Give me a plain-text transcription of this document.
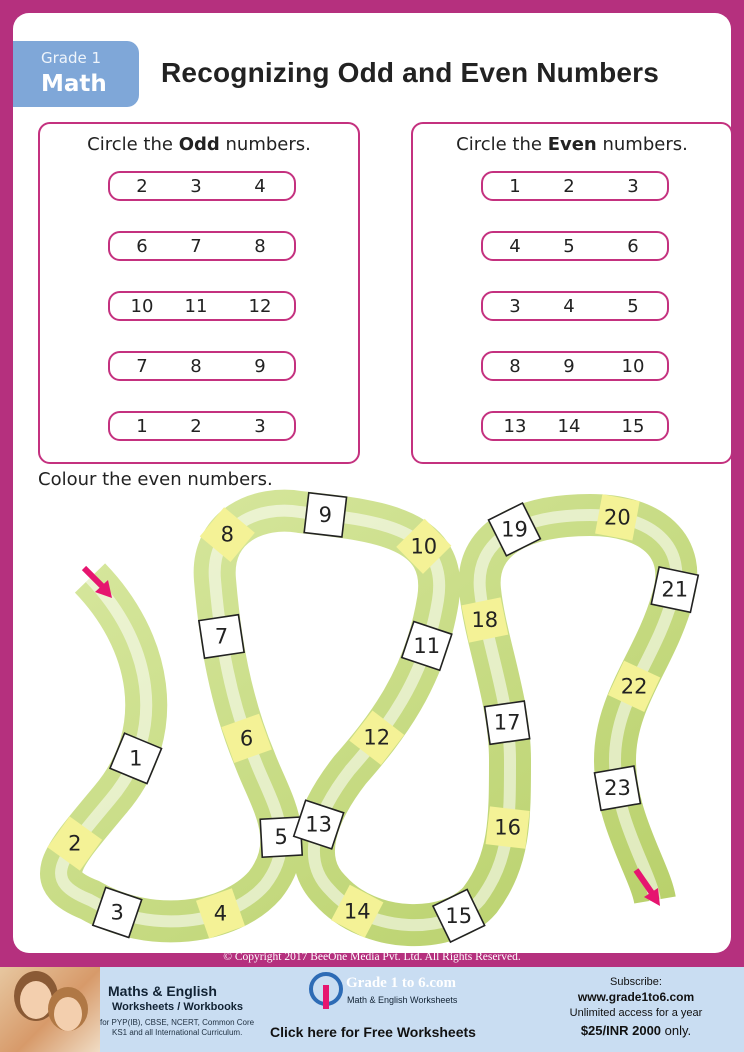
Grade 1
Math Recognizing Odd and Even Numbers
Circle the Odd numbers.
2	3	4
6	7	8
10	11	12
7	8	9
1	2	3
Circle the Even numbers.
1	2	3
4	5	6
3	4	5
8	9	10
13	14	15
Colour the even numbers.
1
2
3	4
5
6
7
8
9
10
11
12
13
14	15
16
17
18
19
20
21
22
23
© Copyright 2017 BeeOne Media Pvt. Ltd. All Rights Reserved.
Maths & English
Worksheets / Workbooks
for PYP(IB), CBSE, NCERT, Common Core
KS1 and all International Curriculum.
Grade 1 to 6.com
Math & English Worksheets
Click here for Free Worksheets
Subscribe:
www.grade1to6.com
Unlimited access for a year
$25/INR 2000 only.
